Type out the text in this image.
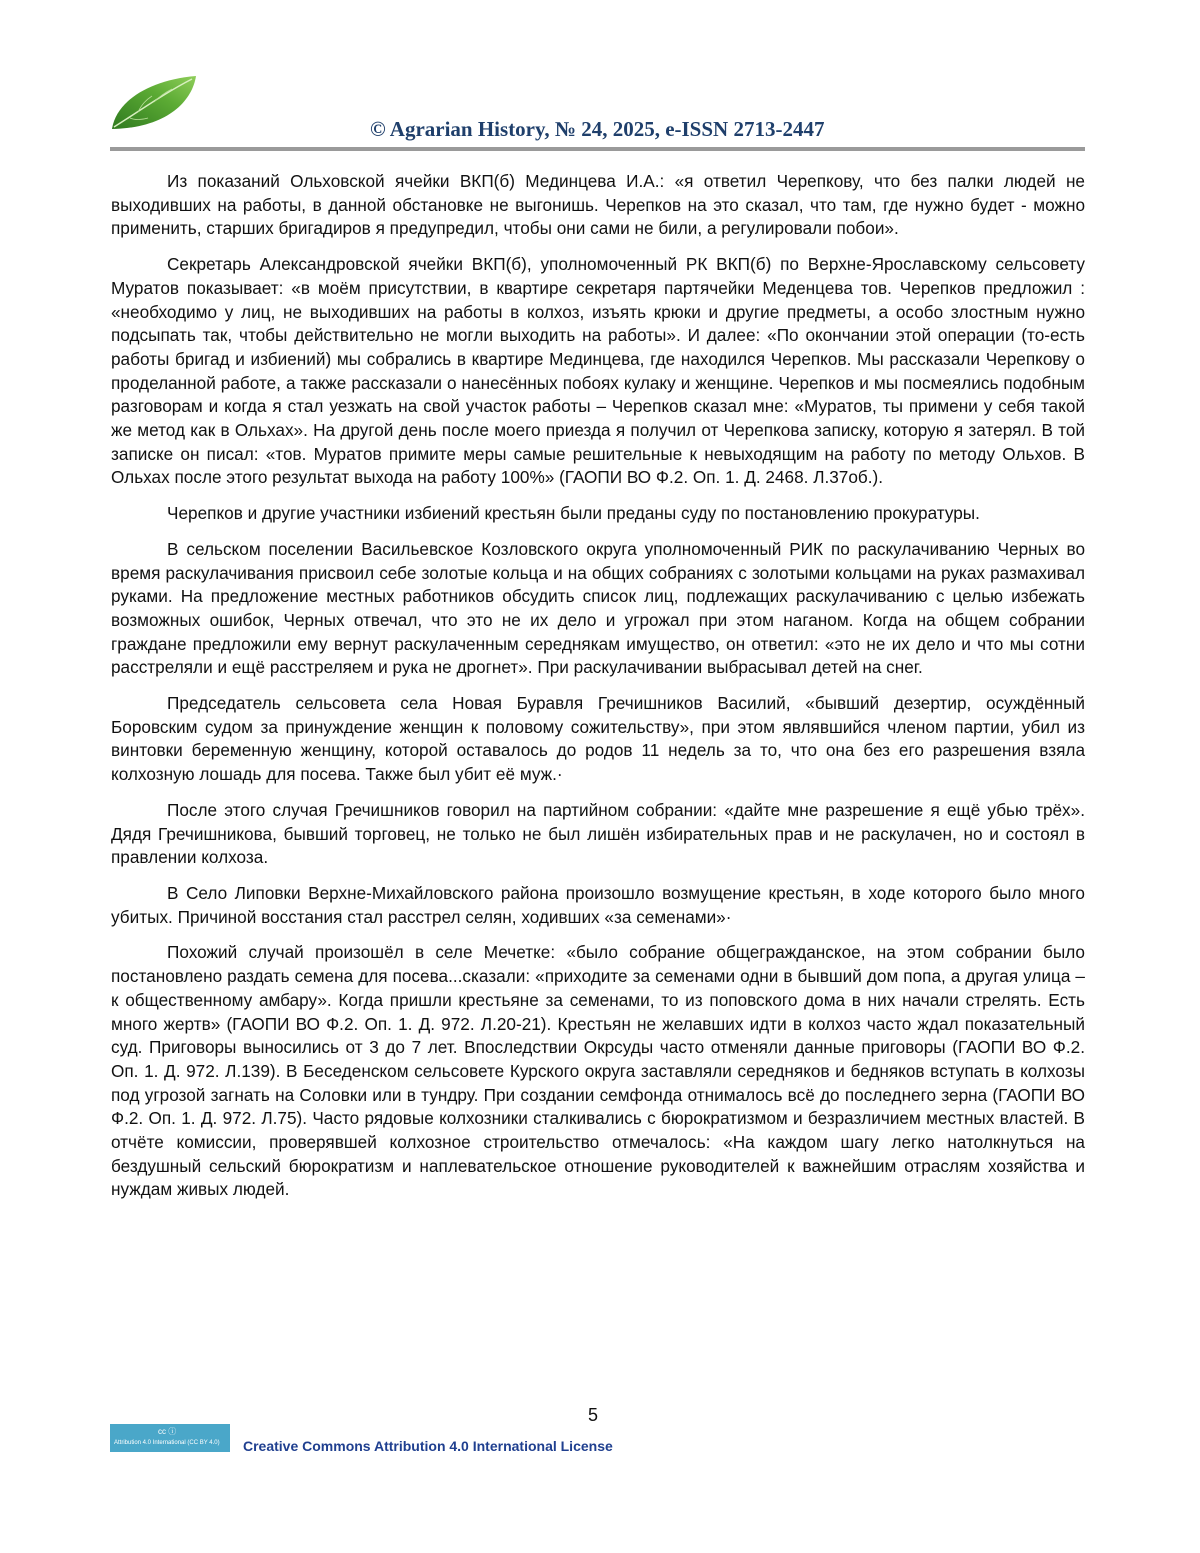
© Agrarian History, № 24, 2025, e-ISSN 2713-2447

Из показаний Ольховской ячейки ВКП(б) Мединцева И.А.: «я ответил Черепкову, что без палки людей не выходивших на работы, в данной обстановке не выгонишь. Черепков на это сказал, что там, где нужно будет - можно применить, старших бригадиров я предупредил, чтобы они сами не били, а регулировали побои».

Секретарь Александровской ячейки ВКП(б), уполномоченный РК ВКП(б) по Верхне-Ярославскому сельсовету Муратов показывает: «в моём присутствии, в квартире секретаря партячейки Меденцева тов. Черепков предложил : «необходимо у лиц, не выходивших на работы в колхоз, изъять крюки и другие предметы, а особо злостным нужно подсыпать так, чтобы действительно не могли выходить на работы». И далее: «По окончании этой операции (то-есть работы бригад и избиений) мы собрались в квартире Мединцева, где находился Черепков. Мы рассказали Черепкову о проделанной работе, а также рассказали о нанесённых побоях кулаку и женщине. Черепков и мы посмеялись подобным разговорам и когда я стал уезжать на свой участок работы – Черепков сказал мне: «Муратов, ты примени у себя такой же метод как в Ольхах». На другой день после моего приезда я получил от Черепкова записку, которую я затерял. В той записке он писал: «тов. Муратов примите меры самые решительные к невыходящим на работу по методу Ольхов. В Ольхах после этого результат выхода на работу 100%» (ГАОПИ ВО Ф.2. Оп. 1. Д. 2468. Л.37об.).

Черепков и другие участники избиений крестьян были преданы суду по постановлению прокуратуры.

В сельском поселении Васильевское Козловского округа уполномоченный РИК по раскулачиванию Черных во время раскулачивания присвоил себе золотые кольца и на общих собраниях с золотыми кольцами на руках размахивал руками. На предложение местных работников обсудить список лиц, подлежащих раскулачиванию с целью избежать возможных ошибок, Черных отвечал, что это не их дело и угрожал при этом наганом. Когда на общем собрании граждане предложили ему вернут раскулаченным середнякам имущество, он ответил: «это не их дело и что мы сотни расстреляли и ещё расстреляем и рука не дрогнет». При раскулачивании выбрасывал детей на снег.

Председатель сельсовета села Новая Буравля Гречишников Василий, «бывший дезертир, осуждённый Боровским судом за принуждение женщин к половому сожительству», при этом являвшийся членом партии, убил из винтовки беременную женщину, которой оставалось до родов 11 недель за то, что она без его разрешения взяла колхозную лошадь для посева. Также был убит её муж.·

После этого случая Гречишников говорил на партийном собрании: «дайте мне разрешение я ещё убью трёх». Дядя Гречишникова, бывший торговец, не только не был лишён избирательных прав и не раскулачен, но и состоял в правлении колхоза.

В Село Липовки Верхне-Михайловского района произошло возмущение крестьян, в ходе которого было много убитых. Причиной восстания стал расстрел селян, ходивших «за семенами»·

Похожий случай произошёл в селе Мечетке: «было собрание общегражданское, на этом собрании было постановлено раздать семена для посева...сказали: «приходите за семенами одни в бывший дом попа, а другая улица – к общественному амбару». Когда пришли крестьяне за семенами, то из поповского дома в них начали стрелять. Есть много жертв» (ГАОПИ ВО Ф.2. Оп. 1. Д. 972. Л.20-21). Крестьян не желавших идти в колхоз часто ждал показательный суд. Приговоры выносились от 3 до 7 лет. Впоследствии Окрсуды часто отменяли данные приговоры (ГАОПИ ВО Ф.2. Оп. 1. Д. 972. Л.139). В Беседенском сельсовете Курского округа заставляли середняков и бедняков вступать в колхозы под угрозой загнать на Соловки или в тундру. При создании семфонда отнималось всё до последнего зерна (ГАОПИ ВО Ф.2. Оп. 1. Д. 972. Л.75). Часто рядовые колхозники сталкивались с бюрократизмом и безразличием местных властей. В отчёте комиссии, проверявшей колхозное строительство отмечалось: «На каждом шагу легко натолкнуться на бездушный сельский бюрократизм и наплевательское отношение руководителей к важнейшим отраслям хозяйства и нуждам живых людей.

5
cc ⓘ
Attribution 4.0 International (CC BY 4.0) Creative Commons Attribution 4.0 International License
